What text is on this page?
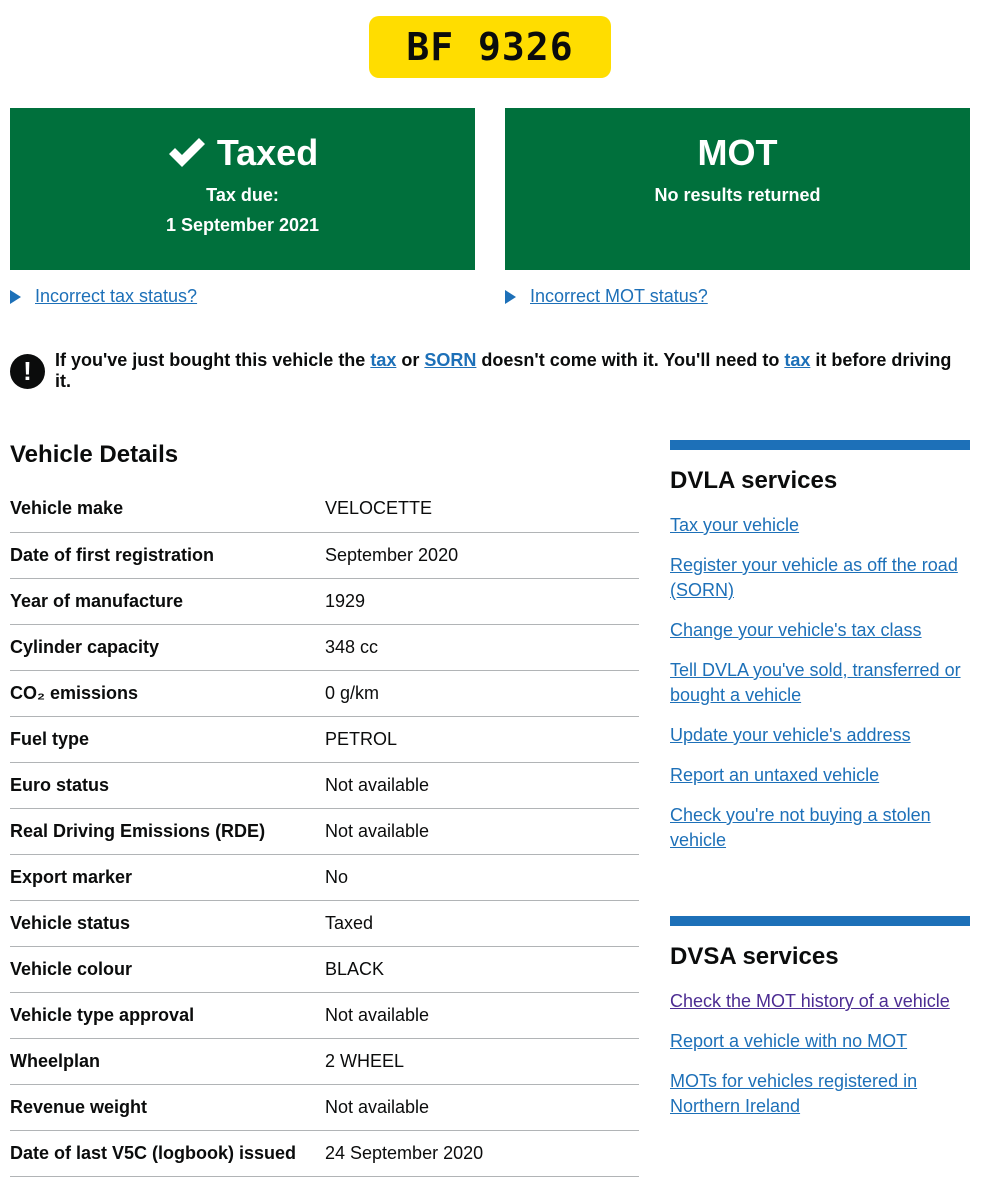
BF 9326
Taxed
Tax due:
1 September 2021
MOT
No results returned
Incorrect tax status?	Incorrect MOT status?
!	If you've just bought this vehicle the tax or SORN doesn't come with it. You'll need to tax it before driving it.
Vehicle Details
Vehicle make	VELOCETTE
Date of first registration	September 2020
Year of manufacture	1929
Cylinder capacity	348 cc
CO₂ emissions	0 g/km
Fuel type	PETROL
Euro status	Not available
Real Driving Emissions (RDE)	Not available
Export marker	No
Vehicle status	Taxed
Vehicle colour	BLACK
Vehicle type approval	Not available
Wheelplan	2 WHEEL
Revenue weight	Not available
Date of last V5C (logbook) issued	24 September 2020
DVLA services
Tax your vehicle
Register your vehicle as off the road (SORN)
Change your vehicle's tax class
Tell DVLA you've sold, transferred or bought a vehicle
Update your vehicle's address
Report an untaxed vehicle
Check you're not buying a stolen vehicle
DVSA services
Check the MOT history of a vehicle
Report a vehicle with no MOT
MOTs for vehicles registered in Northern Ireland
